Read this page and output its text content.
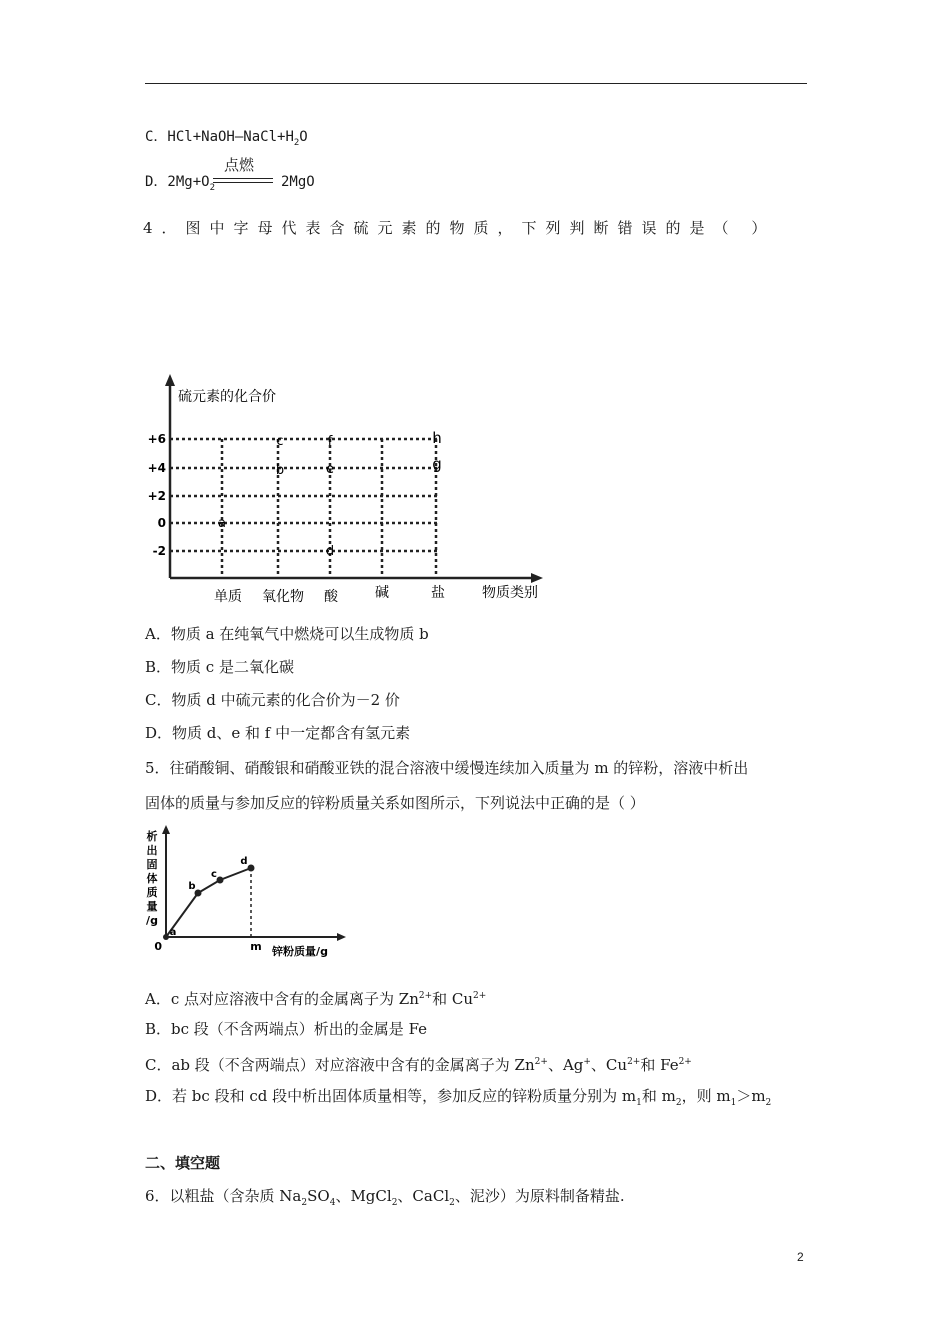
C．$HCl+NaOH—NaCl+H_2O$
点燃
D．$2Mg+O_2$	2MgO
4．图中字母代表含硫元素的物质，下列判断错误的是（ ）
硫元素的化合价
+6
+4
+2
0
-2
单质 氧化物 酸	碱	盐	物质类别
a
b
c
d
e
f
g
h
A．物质 a 在纯氧气中燃烧可以生成物质 b
B．物质 c 是二氧化碳
C．物质 d 中硫元素的化合价为－2 价
D．物质 d、e 和 f 中一定都含有氢元素
5．往硝酸铜、硝酸银和硝酸亚铁的混合溶液中缓慢连续加入质量为 m 的锌粉，溶液中析出
固体的质量与参加反应的锌粉质量关系如图所示，下列说法中正确的是（ ）
析
出
固
体
质
量
/g
0	m 锌粉质量/g
a
b
c
d
A．c 点对应溶液中含有的金属离子为 $Zn^{2+}$和 $Cu^{2+}$
B．bc 段（不含两端点）析出的金属是 Fe
C．ab 段（不含两端点）对应溶液中含有的金属离子为 $Zn^{2+}$、Ag+、$Cu^{2+}$和 $Fe^{2+}$
D．若 bc 段和 cd 段中析出固体质量相等，参加反应的锌粉质量分别为 $m_1$和 $m_2$，则 $m_1>m_2$
二、填空题
6．以粗盐（含杂质 $Na_2SO_4$、MgCl$_2$、CaCl$_2$、泥沙）为原料制备精盐.
2
